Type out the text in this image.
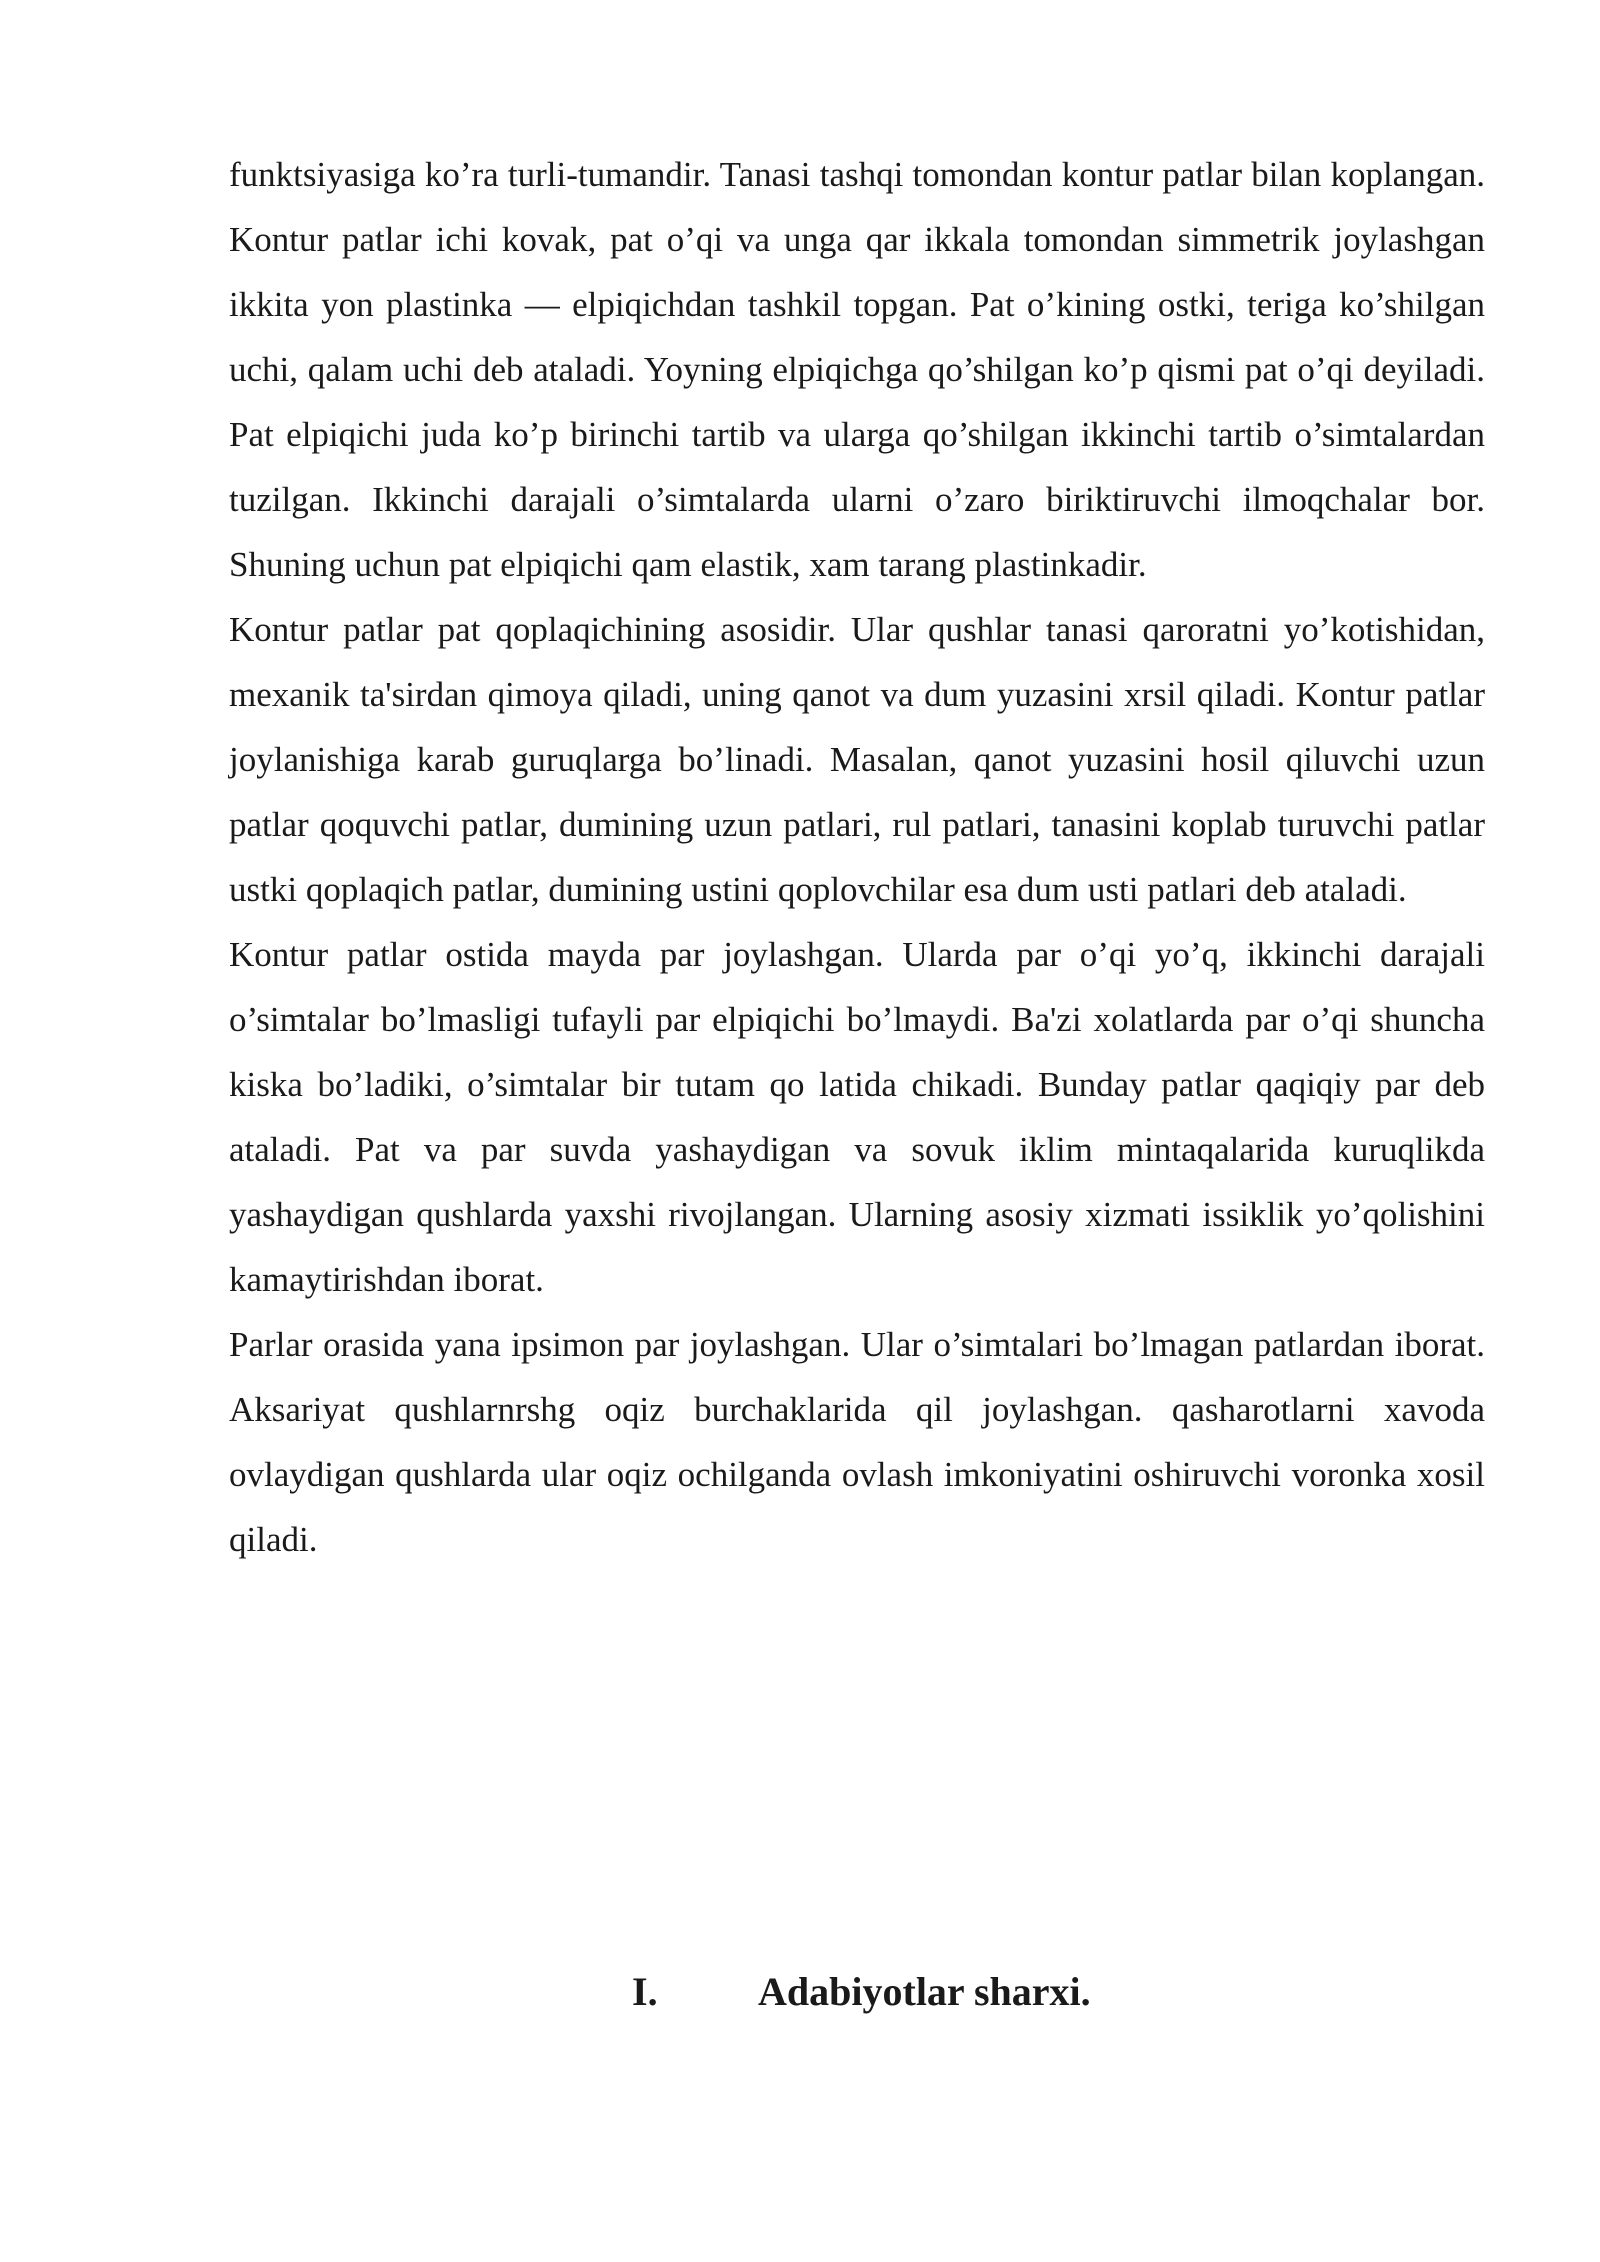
funktsiyasiga ko’ra turli-tumandir. Tanasi tashqi tomondan kontur patlar bilan koplangan. Kontur patlar ichi kovak, pat o’qi va unga qar ikkala tomondan simmetrik joylashgan ikkita yon plastinka — elpiqichdan tashkil topgan. Pat o’kining ostki, teriga ko’shilgan uchi, qalam uchi deb ataladi. Yoyning elpiqichga qo’shilgan ko’p qismi pat o’qi deyiladi. Pat elpiqichi juda ko’p birinchi tartib va ularga qo’shilgan ikkinchi tartib o’simtalardan tuzilgan. Ikkinchi darajali o’simtalarda ularni o’zaro biriktiruvchi ilmoqchalar bor. Shuning uchun pat elpiqichi qam elastik, xam tarang plastinkadir.

Kontur patlar pat qoplaqichining asosidir. Ular qushlar tanasi qaroratni yo’kotishidan, mexanik ta'sirdan qimoya qiladi, uning qanot va dum yuzasini xrsil qiladi. Kontur patlar joylanishiga karab guruqlarga bo’linadi. Masalan, qanot yuzasini hosil qiluvchi uzun patlar qoquvchi patlar, dumining uzun patlari, rul patlari, tanasini koplab turuvchi patlar ustki qoplaqich patlar, dumining ustini qoplovchilar esa dum usti patlari deb ataladi.

Kontur patlar ostida mayda par joylashgan. Ularda par o’qi yo’q, ikkinchi darajali o’simtalar bo’lmasligi tufayli par elpiqichi bo’lmaydi. Ba'zi xolatlarda par o’qi shuncha kiska bo’ladiki, o’simtalar bir tutam qo latida chikadi. Bunday patlar qaqiqiy par deb ataladi. Pat va par suvda yashaydigan va sovuk iklim mintaqalarida kuruqlikda yashaydigan qushlarda yaxshi rivojlangan. Ularning asosiy xizmati issiklik yo’qolishini kamaytirishdan iborat.

Parlar orasida yana ipsimon par joylashgan. Ular o’simtalari bo’lmagan patlardan iborat. Aksariyat qushlarnrshg oqiz burchaklarida qil joylashgan. qasharotlarni xavoda ovlaydigan qushlarda ular oqiz ochilganda ovlash imkoniyatini oshiruvchi voronka xosil qiladi.

I.	Adabiyotlar sharxi.
